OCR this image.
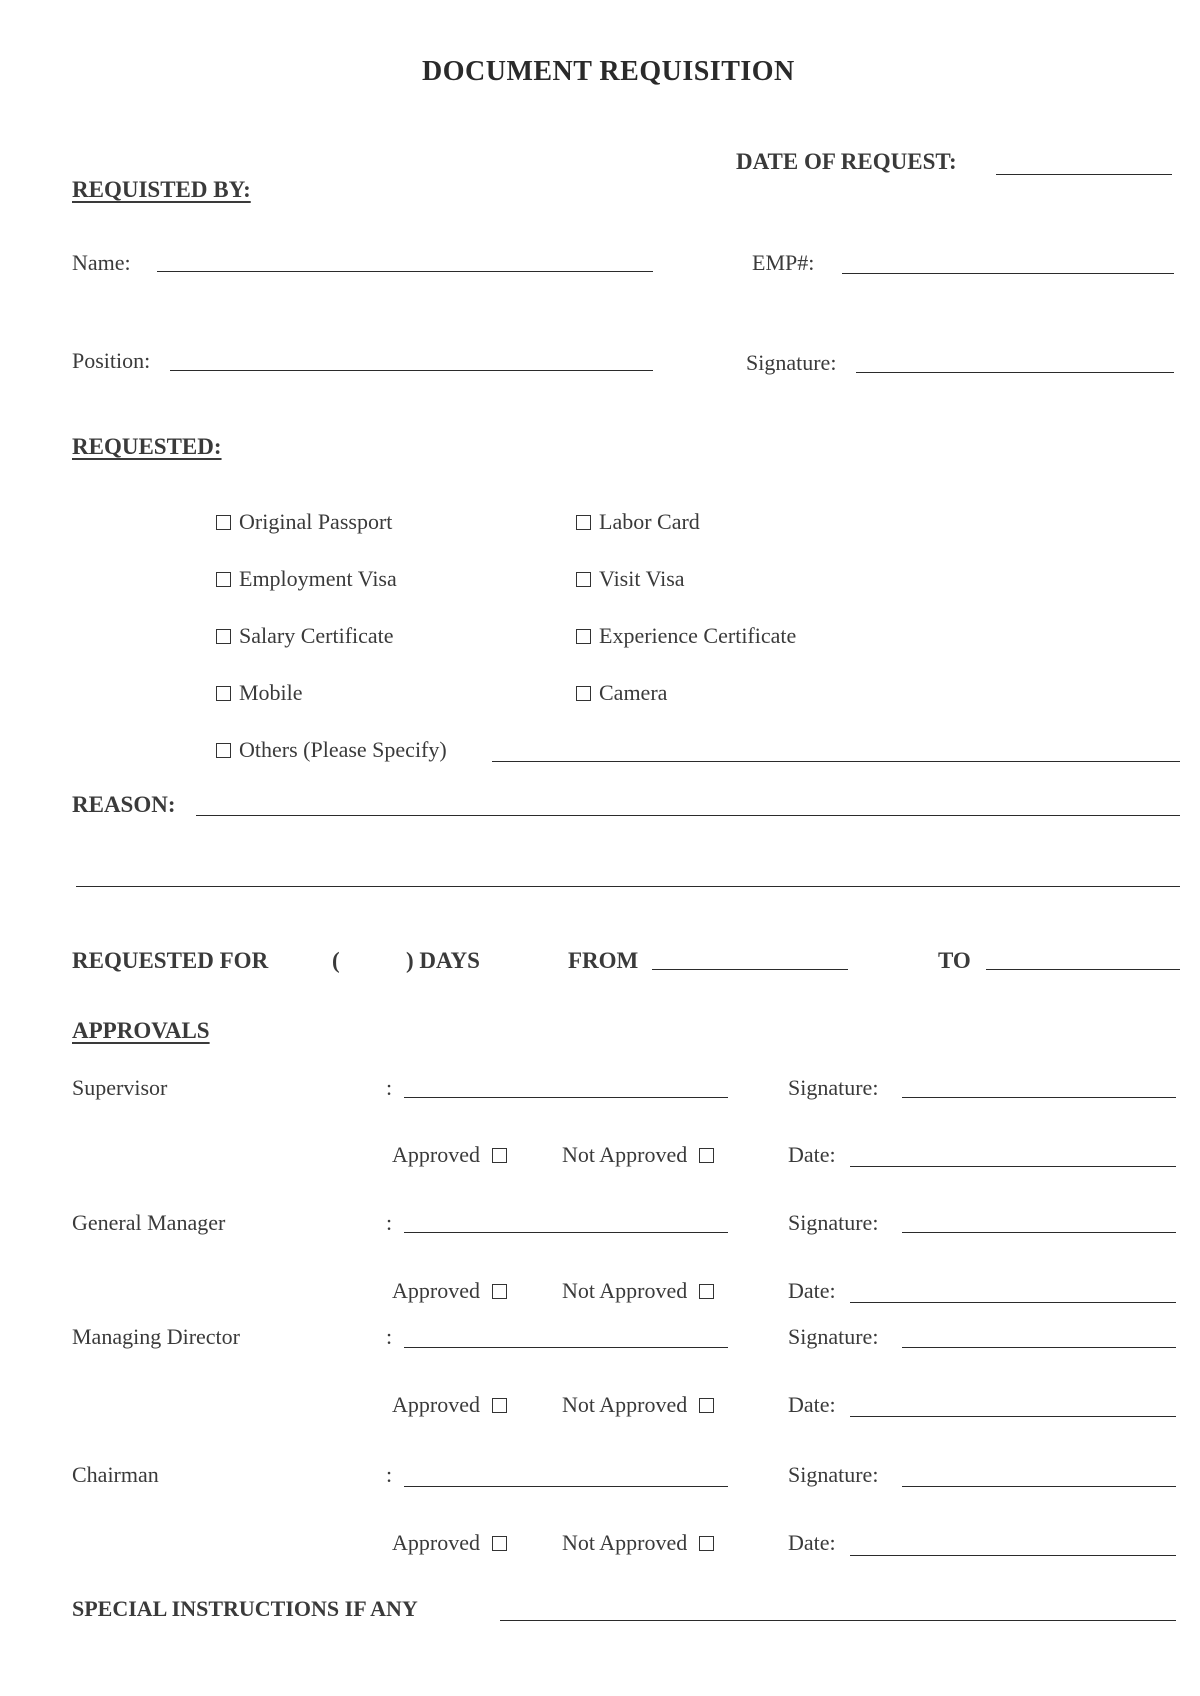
DOCUMENT REQUISITION
DATE OF REQUEST:
REQUISTED BY:
Name:	EMP#:
Position:	Signature:
REQUESTED:
Original Passport	Labor Card
Employment Visa	Visit Visa
Salary Certificate	Experience Certificate
Mobile	Camera
Others (Please Specify)
REASON:
REQUESTED FOR	(	) DAYS	FROM	TO
APPROVALS
Supervisor	:	Signature:
Approved	Not Approved	Date:
General Manager	:	Signature:
Approved	Not Approved	Date:
Managing Director	:	Signature:
Approved	Not Approved	Date:
Chairman	:	Signature:
Approved	Not Approved	Date:
SPECIAL INSTRUCTIONS IF ANY
